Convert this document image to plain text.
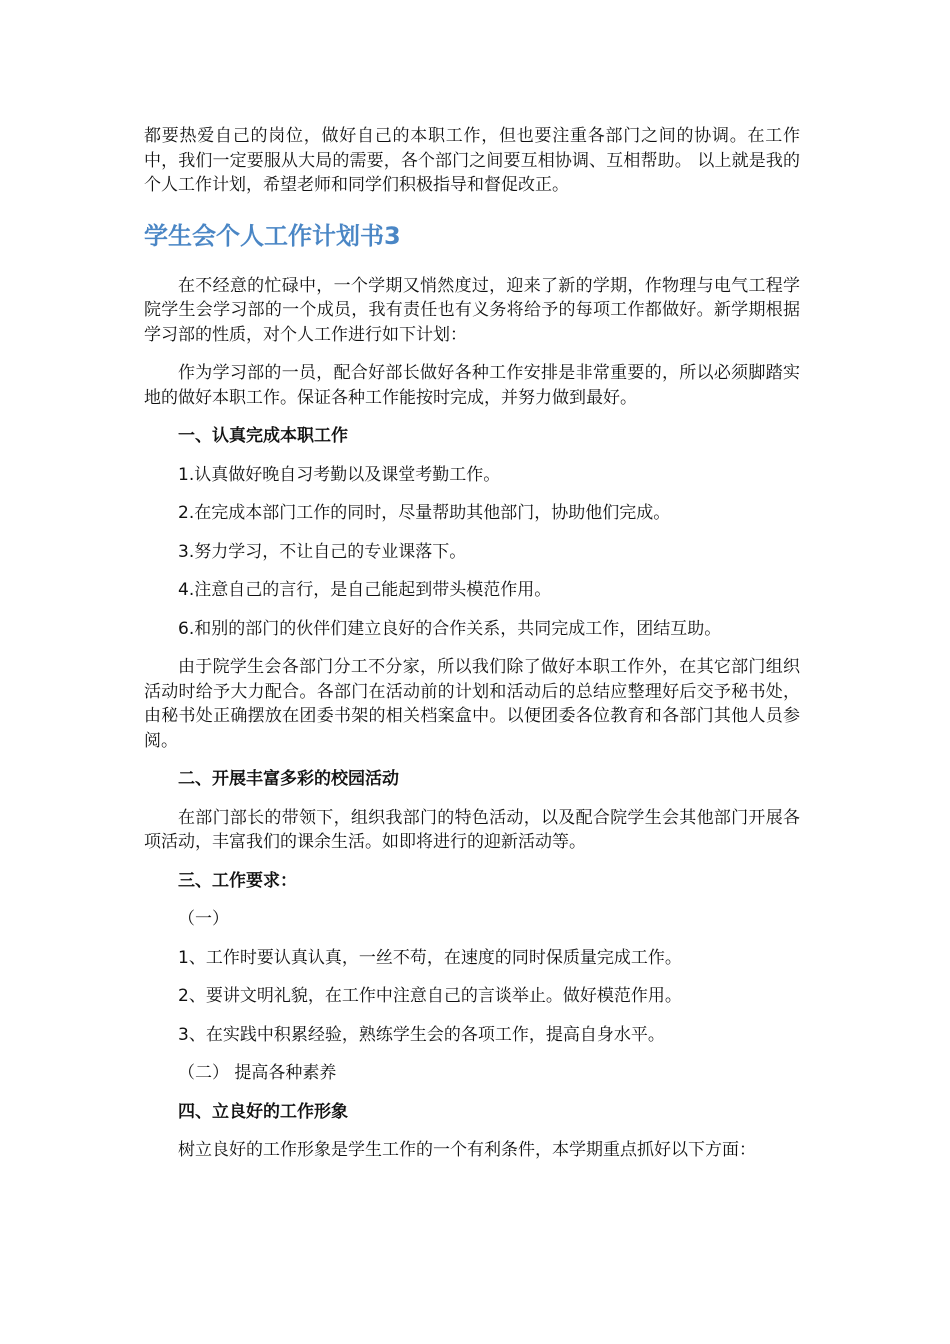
都要热爱自己的岗位，做好自己的本职工作，但也要注重各部门之间的协调。在工作中，我们一定要服从大局的需要，各个部门之间要互相协调、互相帮助。 以上就是我的个人工作计划，希望老师和同学们积极指导和督促改正。

学生会个人工作计划书3

在不经意的忙碌中，一个学期又悄然度过，迎来了新的学期，作物理与电气工程学院学生会学习部的一个成员，我有责任也有义务将给予的每项工作都做好。新学期根据学习部的性质，对个人工作进行如下计划：

作为学习部的一员，配合好部长做好各种工作安排是非常重要的，所以必须脚踏实地的做好本职工作。保证各种工作能按时完成，并努力做到最好。

一、认真完成本职工作

1.认真做好晚自习考勤以及课堂考勤工作。

2.在完成本部门工作的同时，尽量帮助其他部门，协助他们完成。

3.努力学习，不让自己的专业课落下。

4.注意自己的言行，是自己能起到带头模范作用。

6.和别的部门的伙伴们建立良好的合作关系，共同完成工作，团结互助。

由于院学生会各部门分工不分家，所以我们除了做好本职工作外，在其它部门组织活动时给予大力配合。各部门在活动前的计划和活动后的总结应整理好后交予秘书处，由秘书处正确摆放在团委书架的相关档案盒中。以便团委各位教育和各部门其他人员参阅。

二、开展丰富多彩的校园活动

在部门部长的带领下，组织我部门的特色活动，以及配合院学生会其他部门开展各项活动，丰富我们的课余生活。如即将进行的迎新活动等。

三、工作要求：

（一）

1、工作时要认真认真，一丝不苟，在速度的同时保质量完成工作。

2、要讲文明礼貌，在工作中注意自己的言谈举止。做好模范作用。

3、在实践中积累经验，熟练学生会的各项工作，提高自身水平。

（二） 提高各种素养

四、立良好的工作形象

树立良好的工作形象是学生工作的一个有利条件，本学期重点抓好以下方面：
